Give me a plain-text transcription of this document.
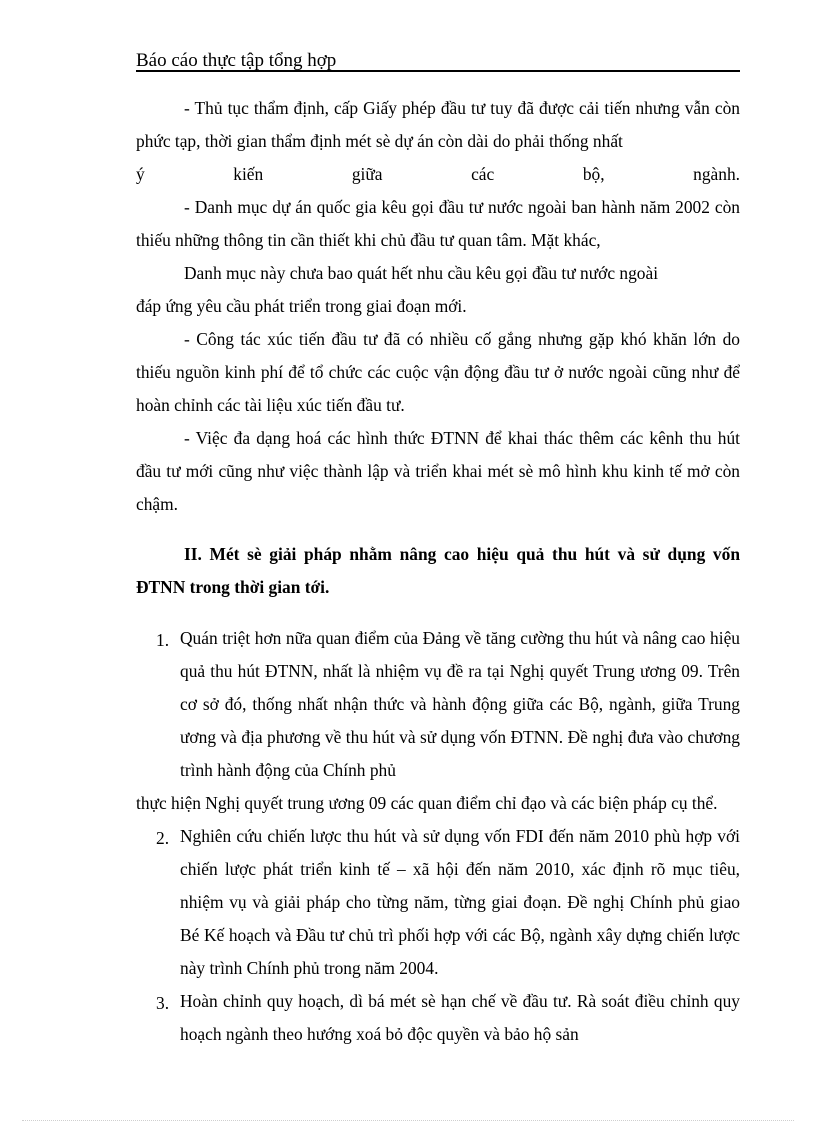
Báo cáo thực tập tổng hợp

- Thủ tục thẩm định, cấp Giấy phép đầu tư tuy đã được cải tiến nhưng vẫn còn phức tạp, thời gian thẩm định mét sè dự án còn dài do phải thống nhất

ý kiến giữa các bộ, ngành.

- Danh mục dự án quốc gia kêu gọi đầu tư nước ngoài ban hành năm 2002 còn thiếu những thông tin cần thiết khi chủ đầu tư quan tâm. Mặt khác,

Danh mục này chưa bao quát hết nhu cầu kêu gọi đầu tư nước ngoài

đáp ứng yêu cầu phát triển trong giai đoạn mới.

- Công tác xúc tiến đầu tư đã có nhiều cố gắng nhưng gặp khó khăn lớn do thiếu nguồn kinh phí để tổ chức các cuộc vận động đầu tư ở nước ngoài cũng như để hoàn chỉnh các tài liệu xúc tiến đầu tư.

- Việc đa dạng hoá các hình thức ĐTNN để khai thác thêm các kênh thu hút đầu tư mới cũng như việc thành lập và triển khai mét sè mô hình khu kinh tế mở còn chậm.

II. Mét sè giải pháp nhằm nâng cao hiệu quả thu hút và sử dụng vốn ĐTNN trong thời gian tới.

1. Quán triệt hơn nữa quan điểm của Đảng về tăng cường thu hút và nâng cao hiệu quả thu hút ĐTNN, nhất là nhiệm vụ đề ra tại Nghị quyết Trung ương 09. Trên cơ sở đó, thống nhất nhận thức và hành động giữa các Bộ, ngành, giữa Trung ương và địa phương về thu hút và sử dụng vốn ĐTNN. Đề nghị đưa vào chương trình hành động của Chính phủ
thực hiện Nghị quyết trung ương 09 các quan điểm chỉ đạo và các biện pháp cụ thể.
2. Nghiên cứu chiến lược thu hút và sử dụng vốn FDI đến năm 2010 phù hợp với chiến lược phát triển kinh tế – xã hội đến năm 2010, xác định rõ mục tiêu, nhiệm vụ và giải pháp cho từng năm, từng giai đoạn. Đề nghị Chính phủ giao Bé Kế hoạch và Đầu tư chủ trì phối hợp với các Bộ, ngành xây dựng chiến lược này trình Chính phủ trong năm 2004.
3. Hoàn chỉnh quy hoạch, dì bá mét sè hạn chế về đầu tư. Rà soát điều chỉnh quy hoạch ngành theo hướng xoá bỏ độc quyền và bảo hộ sản
